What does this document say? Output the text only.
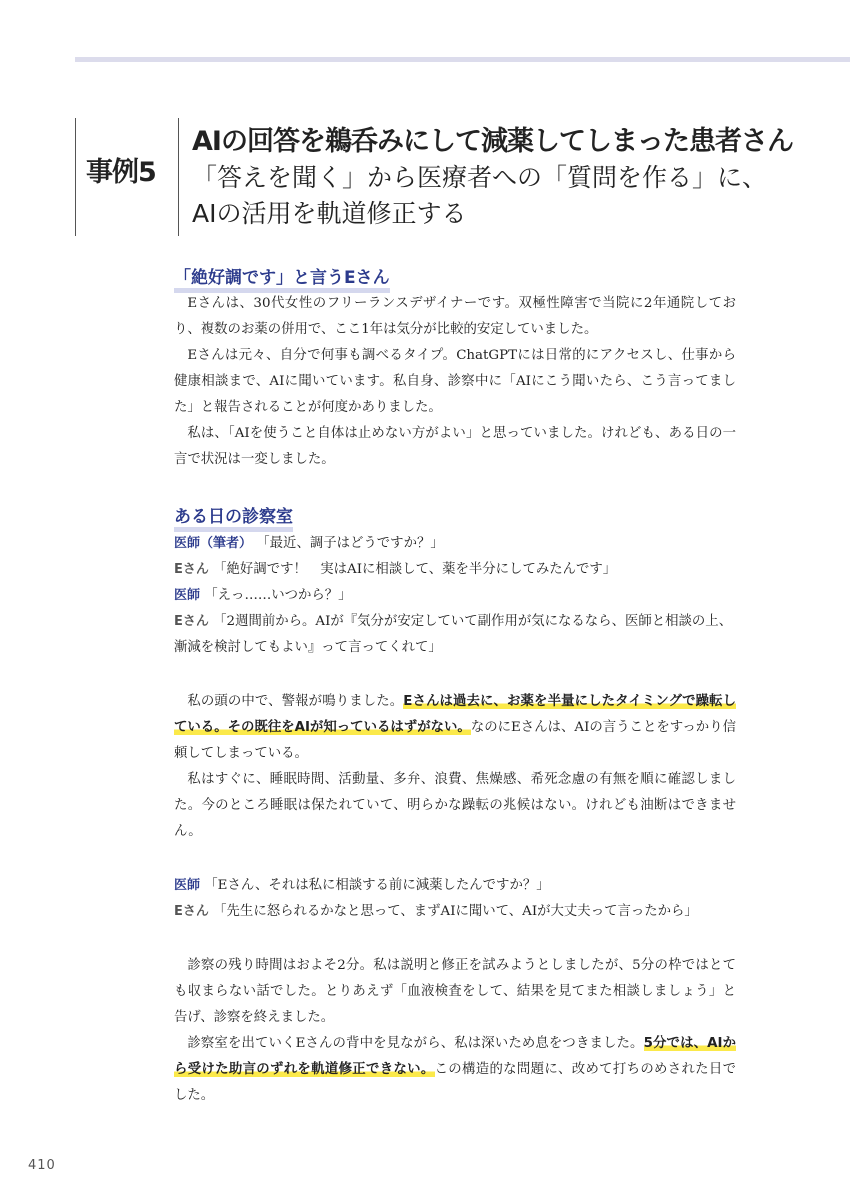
事例5
AIの回答を鵜呑みにして減薬してしまった患者さん
「答えを聞く」から医療者への「質問を作る」に、
AIの活用を軌道修正する
「絶好調です」と言うEさん

Eさんは、30代女性のフリーランスデザイナーです。双極性障害で当院に2年通院しており、複数のお薬の併用で、ここ1年は気分が比較的安定していました。

Eさんは元々、自分で何事も調べるタイプ。ChatGPTには日常的にアクセスし、仕事から健康相談まで、AIに聞いています。私自身、診察中に「AIにこう聞いたら、こう言ってました」と報告されることが何度かありました。

私は、「AIを使うこと自体は止めない方がよい」と思っていました。けれども、ある日の一言で状況は一変しました。

ある日の診察室

医師（筆者） 「最近、調子はどうですか？」

Eさん 「絶好調です！　実はAIに相談して、薬を半分にしてみたんです」

医師 「えっ……いつから？」

Eさん 「2週間前から。AIが『気分が安定していて副作用が気になるなら、医師と相談の上、漸減を検討してもよい』って言ってくれて」

私の頭の中で、警報が鳴りました。Eさんは過去に、お薬を半量にしたタイミングで躁転している。その既往をAIが知っているはずがない。なのにEさんは、AIの言うことをすっかり信頼してしまっている。

私はすぐに、睡眠時間、活動量、多弁、浪費、焦燥感、希死念慮の有無を順に確認しました。今のところ睡眠は保たれていて、明らかな躁転の兆候はない。けれども油断はできません。

医師 「Eさん、それは私に相談する前に減薬したんですか？」

Eさん 「先生に怒られるかなと思って、まずAIに聞いて、AIが大丈夫って言ったから」

診察の残り時間はおよそ2分。私は説明と修正を試みようとしましたが、5分の枠ではとても収まらない話でした。とりあえず「血液検査をして、結果を見てまた相談しましょう」と告げ、診察を終えました。

診察室を出ていくEさんの背中を見ながら、私は深いため息をつきました。5分では、AIから受けた助言のずれを軌道修正できない。この構造的な問題に、改めて打ちのめされた日でした。

410
